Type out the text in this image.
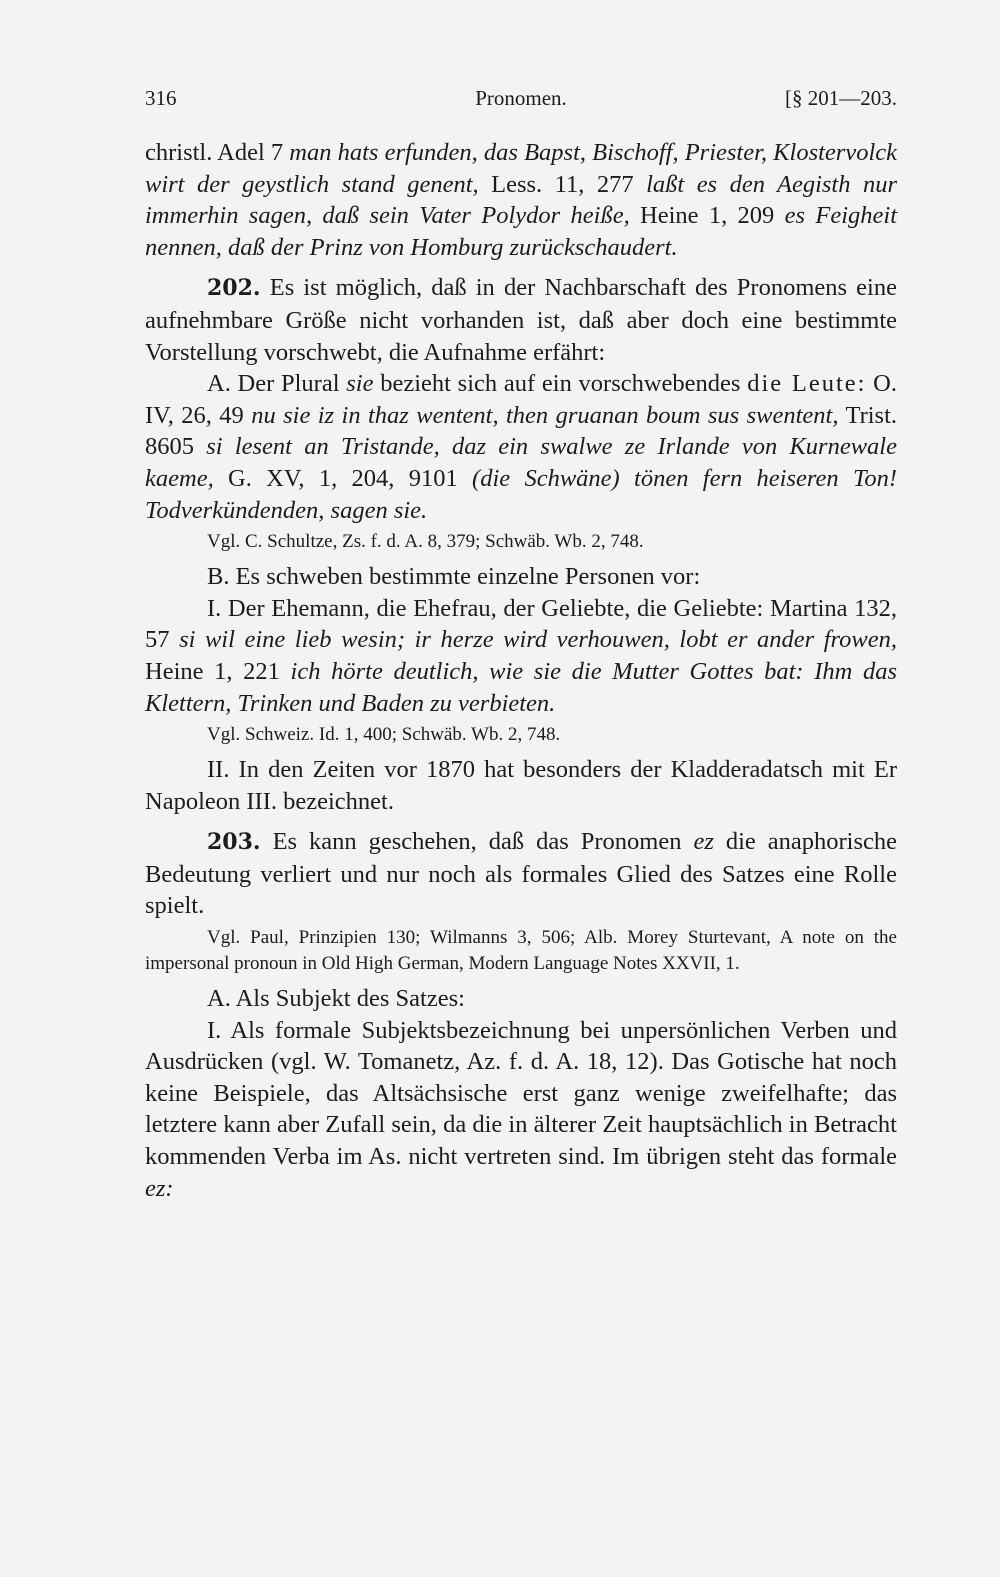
316	Pronomen.	[§ 201—203.

christl. Adel 7 man hats erfunden, das Bapst, Bischoff, Priester, Klostervolck wirt der geystlich stand genent, Less. 11, 277 laßt es den Aegisth nur immerhin sagen, daß sein Vater Polydor heiße, Heine 1, 209 es Feigheit nennen, daß der Prinz von Homburg zurückschaudert.

202. Es ist möglich, daß in der Nachbarschaft des Pronomens eine aufnehmbare Größe nicht vorhanden ist, daß aber doch eine bestimmte Vorstellung vorschwebt, die Aufnahme erfährt:

A. Der Plural sie bezieht sich auf ein vorschwebendes die Leute: O. IV, 26, 49 nu sie iz in thaz wentent, then gruanan boum sus swentent, Trist. 8605 si lesent an Tristande, daz ein swalwe ze Irlande von Kurnewale kaeme, G. XV, 1, 204, 9101 (die Schwäne) tönen fern heiseren Ton! Todverkündenden, sagen sie.

Vgl. C. Schultze, Zs. f. d. A. 8, 379; Schwäb. Wb. 2, 748.

B. Es schweben bestimmte einzelne Personen vor:

I. Der Ehemann, die Ehefrau, der Geliebte, die Geliebte: Martina 132, 57 si wil eine lieb wesin; ir herze wird verhouwen, lobt er ander frowen, Heine 1, 221 ich hörte deutlich, wie sie die Mutter Gottes bat: Ihm das Klettern, Trinken und Baden zu verbieten.

Vgl. Schweiz. Id. 1, 400; Schwäb. Wb. 2, 748.

II. In den Zeiten vor 1870 hat besonders der Kladderadatsch mit Er Napoleon III. bezeichnet.

203. Es kann geschehen, daß das Pronomen ez die anaphorische Bedeutung verliert und nur noch als formales Glied des Satzes eine Rolle spielt.

Vgl. Paul, Prinzipien 130; Wilmanns 3, 506; Alb. Morey Sturtevant, A note on the impersonal pronoun in Old High German, Modern Language Notes XXVII, 1.

A. Als Subjekt des Satzes:

I. Als formale Subjektsbezeichnung bei unpersönlichen Verben und Ausdrücken (vgl. W. Tomanetz, Az. f. d. A. 18, 12). Das Gotische hat noch keine Beispiele, das Altsächsische erst ganz wenige zweifelhafte; das letztere kann aber Zufall sein, da die in älterer Zeit hauptsächlich in Betracht kommenden Verba im As. nicht vertreten sind. Im übrigen steht das formale ez:
